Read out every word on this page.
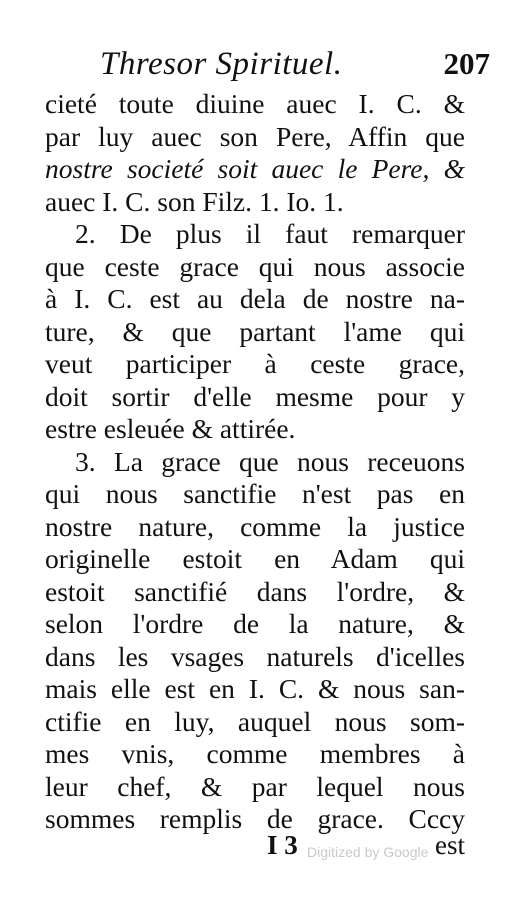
Thresor Spirituel.	207
cieté toute diuine auec I. C. &
par luy auec son Pere, Affin que
nostre societé soit auec le Pere, &
auec I. C. son Filz. 1. Io. 1.
2. De plus il faut remarquer
que ceste grace qui nous associe
à I. C. est au dela de nostre na-
ture, & que partant l'ame qui
veut participer à ceste grace,
doit sortir d'elle mesme pour y
estre esleuée & attirée.
3. La grace que nous receuons
qui nous sanctifie n'est pas en
nostre nature, comme la justice
originelle estoit en Adam qui
estoit sanctifié dans l'ordre, &
selon l'ordre de la nature, &
dans les vsages naturels d'icelles
mais elle est en I. C. & nous san-
ctifie en luy, auquel nous som-
mes vnis, comme membres à
leur chef, & par lequel nous
sommes remplis de grace. Cccy
I 3 Digitized by Google est
